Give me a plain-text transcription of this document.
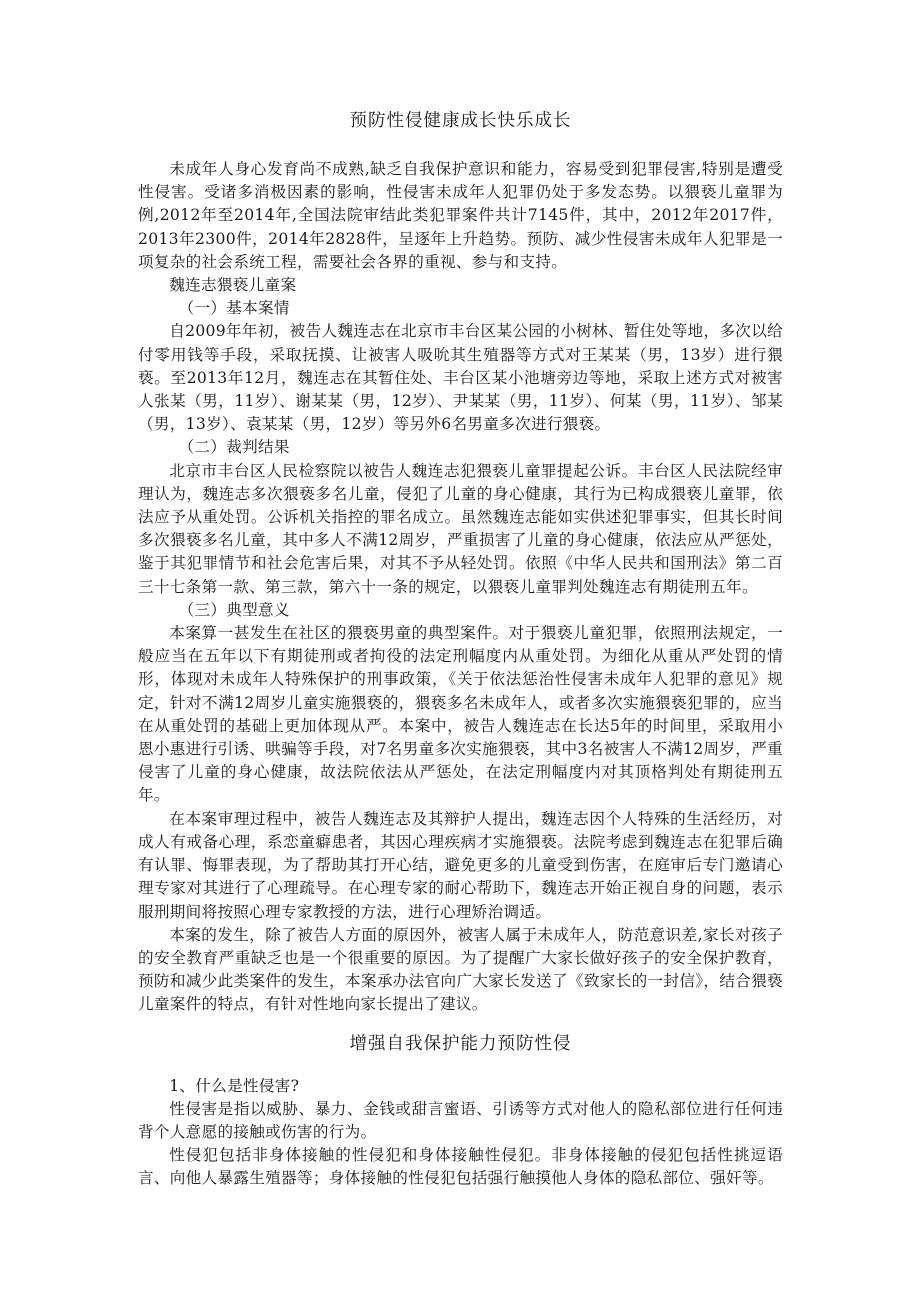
预防性侵健康成长快乐成长

未成年人身心发育尚不成熟,缺乏自我保护意识和能力，容易受到犯罪侵害,特别是遭受性侵害。受诸多消极因素的影响，性侵害未成年人犯罪仍处于多发态势。以猥亵儿童罪为例,2012年至2014年,全国法院审结此类犯罪案件共计7145件，其中，2012年2017件，2013年2300件，2014年2828件，呈逐年上升趋势。预防、减少性侵害未成年人犯罪是一项复杂的社会系统工程，需要社会各界的重视、参与和支持。

魏连志猥亵儿童案

（一）基本案情

自2009年年初，被告人魏连志在北京市丰台区某公园的小树林、暂住处等地，多次以给付零用钱等手段，采取抚摸、让被害人吸吮其生殖器等方式对王某某（男，13岁）进行猥亵。至2013年12月，魏连志在其暂住处、丰台区某小池塘旁边等地，采取上述方式对被害人张某（男，11岁）、谢某某（男，12岁）、尹某某（男，11岁）、何某（男，11岁）、邹某（男，13岁）、袁某某（男，12岁）等另外6名男童多次进行猥亵。

（二）裁判结果

北京市丰台区人民检察院以被告人魏连志犯猥亵儿童罪提起公诉。丰台区人民法院经审理认为，魏连志多次猥亵多名儿童，侵犯了儿童的身心健康，其行为已构成猥亵儿童罪，依法应予从重处罚。公诉机关指控的罪名成立。虽然魏连志能如实供述犯罪事实，但其长时间多次猥亵多名儿童，其中多人不满12周岁，严重损害了儿童的身心健康，依法应从严惩处，鉴于其犯罪情节和社会危害后果，对其不予从轻处罚。依照《中华人民共和国刑法》第二百三十七条第一款、第三款，第六十一条的规定，以猥亵儿童罪判处魏连志有期徒刑五年。

（三）典型意义

本案算一甚发生在社区的猥亵男童的典型案件。对于猥亵儿童犯罪，依照刑法规定，一般应当在五年以下有期徒刑或者拘役的法定刑幅度内从重处罚。为细化从重从严处罚的情形，体现对未成年人特殊保护的刑事政策，《关于依法惩治性侵害未成年人犯罪的意见》规定，针对不满12周岁儿童实施猥亵的，猥亵多名未成年人，或者多次实施猥亵犯罪的，应当在从重处罚的基础上更加体现从严。本案中，被告人魏连志在长达5年的时间里，采取用小恩小惠进行引诱、哄骗等手段，对7名男童多次实施猥亵，其中3名被害人不满12周岁，严重侵害了儿童的身心健康，故法院依法从严惩处，在法定刑幅度内对其顶格判处有期徒刑五年。

在本案审理过程中，被告人魏连志及其辩护人提出，魏连志因个人特殊的生活经历，对成人有戒备心理，系恋童癖患者，其因心理疾病才实施猥亵。法院考虑到魏连志在犯罪后确有认罪、悔罪表现，为了帮助其打开心结，避免更多的儿童受到伤害，在庭审后专门邀请心理专家对其进行了心理疏导。在心理专家的耐心帮助下，魏连志开始正视自身的问题，表示服刑期间将按照心理专家教授的方法，进行心理矫治调适。

本案的发生，除了被告人方面的原因外，被害人属于未成年人，防范意识差,家长对孩子的安全教育严重缺乏也是一个很重要的原因。为了提醒广大家长做好孩子的安全保护教育，预防和减少此类案件的发生，本案承办法官向广大家长发送了《致家长的一封信》，结合猥亵儿童案件的特点，有针对性地向家长提出了建议。

增强自我保护能力预防性侵

1、什么是性侵害?

性侵害是指以威胁、暴力、金钱或甜言蜜语、引诱等方式对他人的隐私部位进行任何违背个人意愿的接触或伤害的行为。

性侵犯包括非身体接触的性侵犯和身体接触性侵犯。非身体接触的侵犯包括性挑逗语言、向他人暴露生殖器等；身体接触的性侵犯包括强行触摸他人身体的隐私部位、强奸等。
